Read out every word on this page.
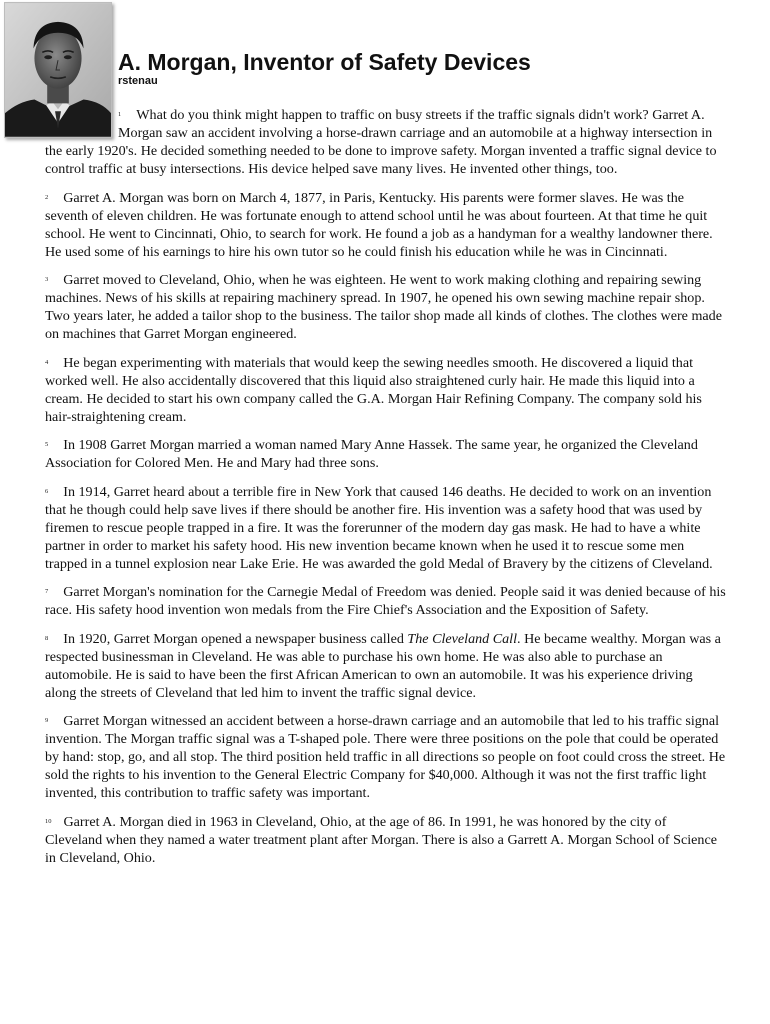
A. Morgan, Inventor of Safety Devices
rstenau

$^1$ What do you think might happen to traffic on busy streets if the traffic signals didn't work? Garret A. Morgan saw an accident involving a horse-drawn carriage and an automobile at a highway intersection in the early 1920's. He decided something needed to be done to improve safety. Morgan invented a traffic signal device to control traffic at busy intersections. His device helped save many lives. He invented other things, too.

$^2$ Garret A. Morgan was born on March 4, 1877, in Paris, Kentucky. His parents were former slaves. He was the seventh of eleven children. He was fortunate enough to attend school until he was about fourteen. At that time he quit school. He went to Cincinnati, Ohio, to search for work. He found a job as a handyman for a wealthy landowner there. He used some of his earnings to hire his own tutor so he could finish his education while he was in Cincinnati.

$^3$ Garret moved to Cleveland, Ohio, when he was eighteen. He went to work making clothing and repairing sewing machines. News of his skills at repairing machinery spread. In 1907, he opened his own sewing machine repair shop. Two years later, he added a tailor shop to the business. The tailor shop made all kinds of clothes. The clothes were made on machines that Garret Morgan engineered.

$^4$ He began experimenting with materials that would keep the sewing needles smooth. He discovered a liquid that worked well. He also accidentally discovered that this liquid also straightened curly hair. He made this liquid into a cream. He decided to start his own company called the G.A. Morgan Hair Refining Company. The company sold his hair-straightening cream.

$^5$ In 1908 Garret Morgan married a woman named Mary Anne Hassek. The same year, he organized the Cleveland Association for Colored Men. He and Mary had three sons.

$^6$ In 1914, Garret heard about a terrible fire in New York that caused 146 deaths. He decided to work on an invention that he though could help save lives if there should be another fire. His invention was a safety hood that was used by firemen to rescue people trapped in a fire. It was the forerunner of the modern day gas mask. He had to have a white partner in order to market his safety hood. His new invention became known when he used it to rescue some men trapped in a tunnel explosion near Lake Erie. He was awarded the gold Medal of Bravery by the citizens of Cleveland.

$^7$ Garret Morgan's nomination for the Carnegie Medal of Freedom was denied. People said it was denied because of his race. His safety hood invention won medals from the Fire Chief's Association and the Exposition of Safety.

$^8$ In 1920, Garret Morgan opened a newspaper business called The Cleveland Call. He became wealthy. Morgan was a respected businessman in Cleveland. He was able to purchase his own home. He was also able to purchase an automobile. He is said to have been the first African American to own an automobile. It was his experience driving along the streets of Cleveland that led him to invent the traffic signal device.

$^9$ Garret Morgan witnessed an accident between a horse-drawn carriage and an automobile that led to his traffic signal invention. The Morgan traffic signal was a T-shaped pole. There were three positions on the pole that could be operated by hand: stop, go, and all stop. The third position held traffic in all directions so people on foot could cross the street. He sold the rights to his invention to the General Electric Company for $40,000. Although it was not the first traffic light invented, this contribution to traffic safety was important.

$^{10}$ Garret A. Morgan died in 1963 in Cleveland, Ohio, at the age of 86. In 1991, he was honored by the city of Cleveland when they named a water treatment plant after Morgan. There is also a Garrett A. Morgan School of Science in Cleveland, Ohio.
